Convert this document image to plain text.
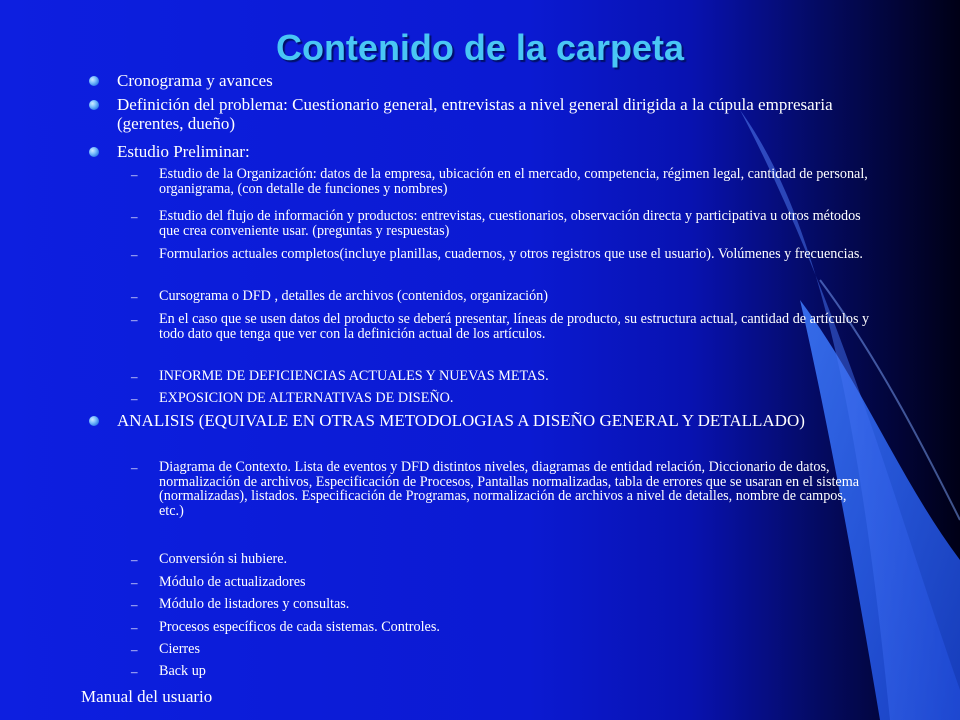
Contenido de la carpeta
Cronograma y avances
Definición del problema: Cuestionario general, entrevistas a nivel general dirigida a la cúpula empresaria (gerentes, dueño)
Estudio Preliminar:
– Estudio de la Organización: datos de la empresa, ubicación en el mercado, competencia, régimen legal, cantidad de personal, organigrama, (con detalle de funciones y nombres)
– Estudio del flujo de información y productos: entrevistas, cuestionarios, observación directa y participativa u otros métodos que crea conveniente usar. (preguntas y respuestas)
– Formularios actuales completos(incluye planillas, cuadernos, y otros registros que use el usuario). Volúmenes y frecuencias.
– Cursograma o DFD , detalles de archivos (contenidos, organización)
– En el caso que se usen datos del producto se deberá presentar, líneas de producto, su estructura actual, cantidad de artículos y todo dato que tenga que ver con la definición actual de los artículos.
– INFORME DE DEFICIENCIAS ACTUALES Y NUEVAS METAS.
– EXPOSICION DE ALTERNATIVAS DE DISEÑO.
ANALISIS (EQUIVALE EN OTRAS METODOLOGIAS A DISEÑO GENERAL Y DETALLADO)
– Diagrama de Contexto. Lista de eventos y DFD distintos niveles, diagramas de entidad relación, Diccionario de datos, normalización de archivos, Especificación de Procesos, Pantallas normalizadas, tabla de errores que se usaran en el sistema (normalizadas), listados. Especificación de Programas, normalización de archivos a nivel de detalles, nombre de campos, etc.)
– Conversión si hubiere.
– Módulo de actualizadores
– Módulo de listadores y consultas.
– Procesos específicos de cada sistemas. Controles.
– Cierres
– Back up
Manual del usuario
